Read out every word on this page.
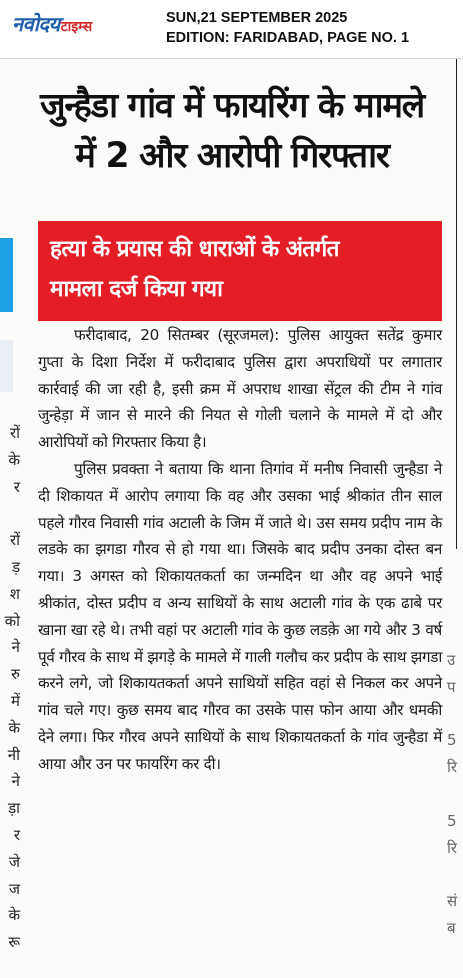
नवोदय टाइम्स
SUN,21 SEPTEMBER 2025
EDITION: FARIDABAD, PAGE NO. 1
जुन्हैडा गांव में फायरिंग के मामले
में 2 और आरोपी गिरफ्तार
हत्या के प्रयास की धाराओं के अंतर्गत
मामला दर्ज किया गया

फरीदाबाद, 20 सितम्बर (सूरजमल): पुलिस आयुक्त सतेंद्र कुमार गुप्ता के दिशा निर्देश में फरीदाबाद पुलिस द्वारा अपराधियों पर लगातार कार्रवाई की जा रही है, इसी क्रम में अपराध शाखा सेंट्रल की टीम ने गांव जुन्हेड़ा में जान से मारने की नियत से गोली चलाने के मामले में दो और आरोपियों को गिरफ्तार किया है।

पुलिस प्रवक्ता ने बताया कि थाना तिगांव में मनीष निवासी जुन्हैडा ने दी शिकायत में आरोप लगाया कि वह और उसका भाई श्रीकांत तीन साल पहले गौरव निवासी गांव अटाली के जिम में जाते थे। उस समय प्रदीप नाम के लडके का झगडा गौरव से हो गया था। जिसके बाद प्रदीप उनका दोस्त बन गया। 3 अगस्त को शिकायतकर्ता का जन्मदिन था और वह अपने भाई श्रीकांत, दोस्त प्रदीप व अन्य साथियों के साथ अटाली गांव के एक ढाबे पर खाना खा रहे थे। तभी वहां पर अटाली गांव के कुछ लडक़े आ गये और 3 वर्ष पूर्व गौरव के साथ में झगड़े के मामले में गाली गलौच कर प्रदीप के साथ झगडा करने लगे, जो शिकायतकर्ता अपने साथियों सहित वहां से निकल कर अपने गांव चले गए। कुछ समय बाद गौरव का उसके पास फोन आया और धमकी देने लगा। फिर गौरव अपने साथियों के साथ शिकायतकर्ता के गांव जुन्हैडा में आया और उन पर फायरिंग कर दी।

रों
के
र

रों
ड़
श
को
ने
रु
में
के
नी
ने
ड़ा
र
जे
ज
के
रू
उ
प

5
रि

5
रि

सं
ब
